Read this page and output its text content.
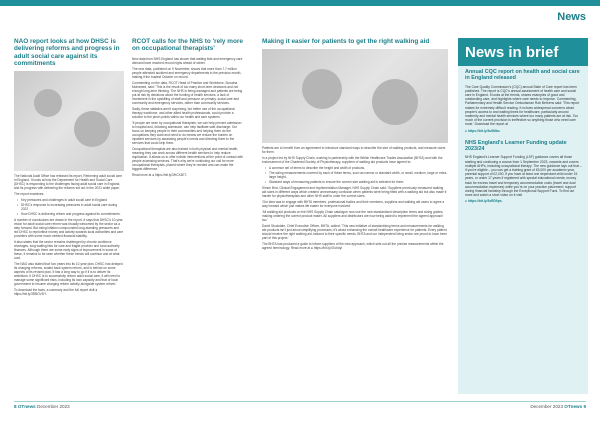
News
NAO report looks at how DHSC is delivering reforms and progress in adult social care against its commitments

The National Audit Office has released its report, Reforming adult social care in England. It looks at how the Department for Health and Social Care (DHSC) is responding to the challenges facing adult social care in England, and its progress with delivering the reforms set out in the 2021 white paper.

The report examines:

• Key pressures and challenges in adult social care in England
• DHSC's response to increasing pressures in adult social care during 2022
• How DHSC is delivering reform and progress against its commitments.

A number of conclusions are drawn in the report. It says that DHSC's 10-year vision for adult social care reform was broadly welcomed by the sector as a step forward. But rising inflation compounded long-standing pressures and led DHSC to reprioritise money and activity towards local authorities and care providers with some much-needed financial stability.

It also states that the sector remains challenged by chronic workforce shortages, long waiting lists for care and fragile provider and local authority finances. Although there are some early signs of improvement in some of these, it remains to be seen whether these trends will continue and at what cost.

The NAO also stated that 'two years into its 10-year plan, DHSC has delayed its charging reforms, scaled back system reform, and is behind on some aspects of its revised plan. It has a long way to go if it is to deliver its ambitions. It DHSC is to successfully reform adult social care, it will need to manage some significant risks, including its own capacity and that of local government to resume charging reform activity alongside system reform.'

To download the facts, a summary and the full report visit ● https://bit.ly/3RBOVDY.

RCOT calls for the NHS to 'rely more on occupational therapists'

New data from NHS England has shown that waiting lists and emergency care demand have reached record highs ahead of winter.

The new data, published on 9 November, shows that more than 7.7 million people attended accident and emergency departments in the previous month, making it the busiest October on record.

Commenting on the data, RCOT Head of Practice and Workforce, Sunaina Mohamed, said: 'This is the result of too many short-term decisions and not enough long-term thinking. The NHS is being damaged and patients are being put at risk by decisions about the funding of health services, a lack of investment in the upskilling of staff and pressure on primary, social care and community and emergency services, rather than community services.

Sadly, these statistics aren't surprising, but better use of the occupational therapy workforce, and other allied health professionals, could provide a solution to the pinch points within our health and care systems.

'If people are seen by occupational therapists, we can help prevent admission to hospital and, following admission, can help facilitate safe discharge. Our focus on keeping people in their communities and helping them do the occupations they want and need to do means we reduce the burden on inpatient services by assessing people's needs and directing them to the services that could help them.

Occupational therapists are also trained in both physical and mental health, meaning they can work across different health services to help reduce duplication. It allows us to offer holistic interventions at the point of contact with people accessing services. That's why we're continuing our call for more occupational therapists, placed where they're needed and can make the biggest difference.'

Read more at ● https://bit.ly/3HCX4ET.

Making it easier for patients to get the right walking aid

Patients are to benefit from an agreement to introduce standard ways to describe the size of walking products, and measure users for them.

In a project led by NHS Supply Chain, working in partnership with the British Healthcare Trades Association (BHTA) and with the endorsement of the Chartered Society of Physiotherapy, suppliers of walking aid products have agreed to:

• A common set of terms to describe the height and width of products,
• The sizing measurements covered by each of these terms, such as narrow or standard width, or small, medium, large or extra-large height,
• Standard ways of measuring patients to ensure the correct size walking aid is selected for them.

Simon Bird, Clinical Engagement and Implementation Manager, NHS Supply Chain said: 'Suppliers previously measured walking aid sizes in different ways which created unnecessary confusion when patients were being fitted with a walking aid but also made it harder for physiotherapists and other NHS staff to order the correct sizes.

'Our idea was to engage with BHTA members, professional bodies and their members, suppliers and walking aid users to agree a way forward which just makes life easier for everyone involved.

'All walking aid products on the NHS Supply Chain catalogue now use the new standardised description terms and sizing guides, making ordering the correct product easier. All suppliers and distributors are now being asked to implement the agreed approach too.'

David Stockdale, Chief Executive Officer, BHTA, added: 'This new initiative of standardising terms and measurements for walking aid products isn't just about simplifying processes; it's about enhancing the overall healthcare experience for patients. Every patient should receive the right walking aid, tailored to their specific needs. BHTA and our independent living sector are proud to have been part of this project.'

The BHTA has produced a guide to inform suppliers of the new approach, which sets out all the precise measurements within the agreed terminology. Read more at ● https://bit.ly/47ubdyl

News in brief
Annual CQC report on health and social care in England released

The Care Quality Commission's (CQC) annual State of Care report has been published. The report is CQC's annual assessment of health care and social care in England. It looks at the trends, shares examples of good and outstanding care, and highlights where care needs to improve. Commenting, Parliamentary and Health Service Ombudsman Rob Behrens said: 'This report makes for extremely difficult reading. It echoes widespread concerns about people's access to and waiting times for healthcare, particularly around maternity and mental health services where too many patients are at risk. Too much of the current provision is ineffective so anything those who need care most.' Download the report at

● https://bit.ly/3u0Mbz.

NHS England's Learner Funding update 2023/24

NHS England's Learner Support Funding (LSF) guidance covers all those starting and continuing a course from 1 September 2023, onwards and covers multiple AHPs, including occupational therapy. The new guidance lays out that – if you're eligible – you can get a training grant of £5,000 per academic year, parental support of £2,000, if you have at least one dependant child under 15 years, or under 17 years if registered with special educational needs; money back for excess travel and temporary accommodation costs (travel and dual accommodation expenses) while you're on your practice placement; support during financial hardship through the Exceptional Support Fund. To find out more and watch a short video on it visit

● https://bit.ly/3sRD9ps.

8 OTnews December 2023	December 2023 OTnews 9
